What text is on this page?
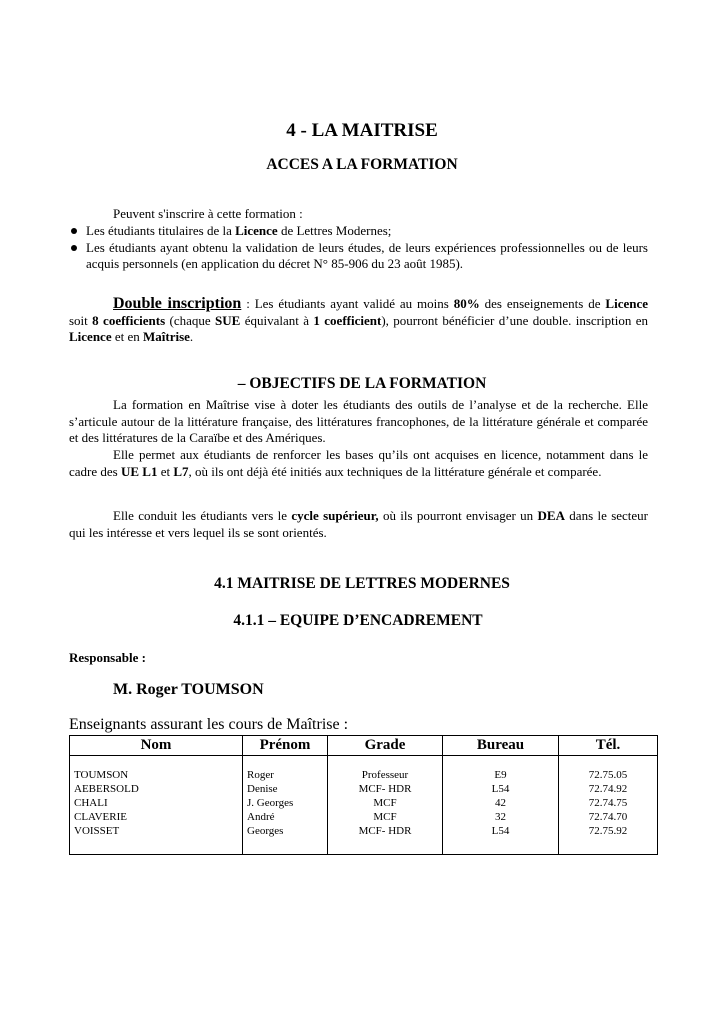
4 - LA MAITRISE
ACCES A LA FORMATION
Peuvent s'inscrire à cette formation :
Les étudiants titulaires de la Licence de Lettres Modernes;
Les étudiants ayant obtenu la validation de leurs études, de leurs expériences professionnelles ou de leurs acquis personnels (en application du décret N° 85-906 du 23 août 1985).
Double inscription : Les étudiants ayant validé au moins 80% des enseignements de Licence soit 8 coefficients (chaque SUE équivalant à 1 coefficient), pourront bénéficier d’une double. inscription en Licence et en Maîtrise.
– OBJECTIFS DE LA FORMATION
La formation en Maîtrise vise à doter les étudiants des outils de l’analyse et de la recherche. Elle s’articule autour de la littérature française, des littératures francophones, de la littérature générale et comparée et des littératures de la Caraïbe et des Amériques.
Elle permet aux étudiants de renforcer les bases qu’ils ont acquises en licence, notamment dans le cadre des UE L1 et L7, où ils ont déjà été initiés aux techniques de la littérature générale et comparée.
Elle conduit les étudiants vers le cycle supérieur, où ils pourront envisager un DEA dans le secteur qui les intéresse et vers lequel ils se sont orientés.
4.1 MAITRISE DE LETTRES MODERNES
4.1.1 – EQUIPE D’ENCADREMENT
Responsable :
M. Roger TOUMSON
Enseignants assurant les cours de Maîtrise :
Nom	Prénom	Grade	Bureau	Tél.

TOUMSON	Roger	Professeur	E9	72.75.05
AEBERSOLD	Denise	MCF- HDR	L54	72.74.92
CHALI	J. Georges	MCF	42	72.74.75
CLAVERIE	André	MCF	32	72.74.70
VOISSET	Georges	MCF- HDR	L54	72.75.92
